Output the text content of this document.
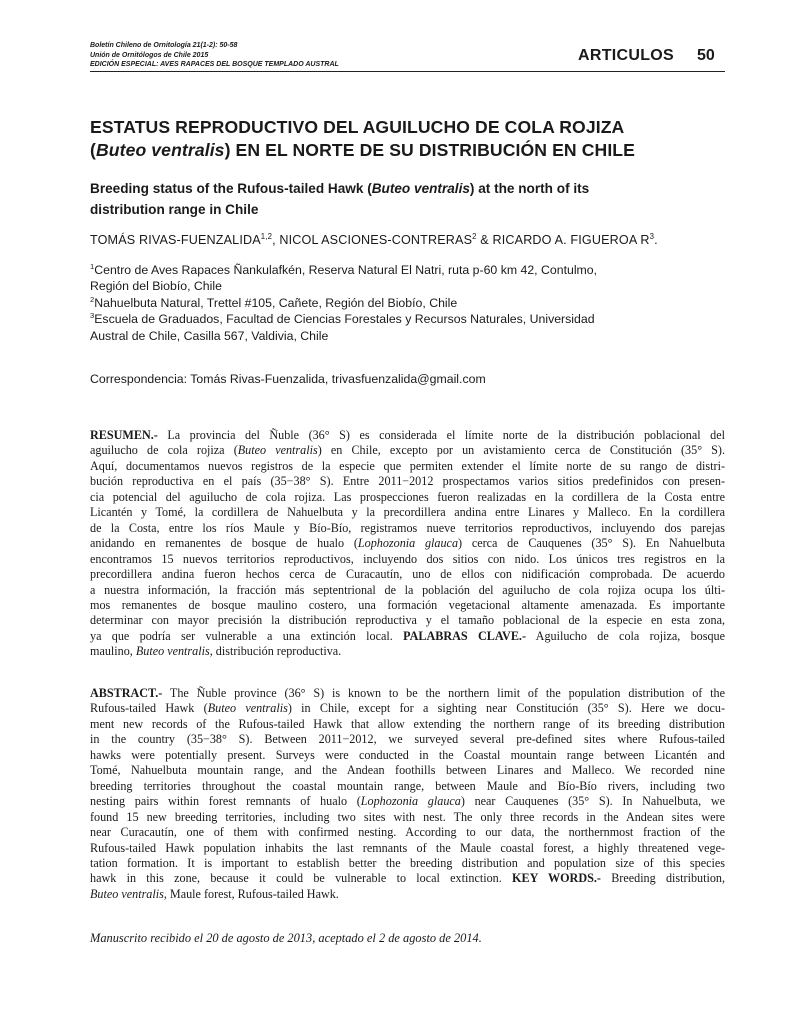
Boletín Chileno de Ornitología 21(1-2): 50-58
Unión de Ornitólogos de Chile 2015
EDICIÓN ESPECIAL: AVES RAPACES DEL BOSQUE TEMPLADO AUSTRAL
ARTICULOS 50
ESTATUS REPRODUCTIVO DEL AGUILUCHO DE COLA ROJIZA
(Buteo ventralis) EN EL NORTE DE SU DISTRIBUCIÓN EN CHILE
Breeding status of the Rufous-tailed Hawk (Buteo ventralis) at the north of its
distribution range in Chile
TOMÁS RIVAS-FUENZALIDA$^{1,2}$, NICOL ASCIONES-CONTRERAS$^2$ & RICARDO A. FIGUEROA $R^3$.
$^1$Centro de Aves Rapaces Ñankulafkén, Reserva Natural El Natri, ruta p-60 km 42, Contulmo,
Región del Biobío, Chile
$^2$Nahuelbuta Natural, Trettel #105, Cañete, Región del Biobío, Chile
$^3$Escuela de Graduados, Facultad de Ciencias Forestales y Recursos Naturales, Universidad
Austral de Chile, Casilla 567, Valdivia, Chile
Correspondencia: Tomás Rivas-Fuenzalida, trivasfuenzalida@gmail.com
RESUMEN.- La provincia del Ñuble (36° S) es considerada el límite norte de la distribución poblacional del
aguilucho de cola rojiza (Buteo ventralis) en Chile, excepto por un avistamiento cerca de Constitución (35° S).
Aquí, documentamos nuevos registros de la especie que permiten extender el límite norte de su rango de distri-
bución reproductiva en el país (35−38° S). Entre 2011−2012 prospectamos varios sitios predefinidos con presen-
cia potencial del aguilucho de cola rojiza. Las prospecciones fueron realizadas en la cordillera de la Costa entre
Licantén y Tomé, la cordillera de Nahuelbuta y la precordillera andina entre Linares y Malleco. En la cordillera
de la Costa, entre los ríos Maule y Bío-Bío, registramos nueve territorios reproductivos, incluyendo dos parejas
anidando en remanentes de bosque de hualo (Lophozonia glauca) cerca de Cauquenes (35° S). En Nahuelbuta
encontramos 15 nuevos territorios reproductivos, incluyendo dos sitios con nido. Los únicos tres registros en la
precordillera andina fueron hechos cerca de Curacautín, uno de ellos con nidificación comprobada. De acuerdo
a nuestra información, la fracción más septentrional de la población del aguilucho de cola rojiza ocupa los últi-
mos remanentes de bosque maulino costero, una formación vegetacional altamente amenazada. Es importante
determinar con mayor precisión la distribución reproductiva y el tamaño poblacional de la especie en esta zona,
ya que podría ser vulnerable a una extinción local. PALABRAS CLAVE.- Aguilucho de cola rojiza, bosque
maulino, Buteo ventralis, distribución reproductiva.
ABSTRACT.- The Ñuble province (36° S) is known to be the northern limit of the population distribution of the
Rufous-tailed Hawk (Buteo ventralis) in Chile, except for a sighting near Constitución (35° S). Here we docu-
ment new records of the Rufous-tailed Hawk that allow extending the northern range of its breeding distribution
in the country (35−38° S). Between 2011−2012, we surveyed several pre-defined sites where Rufous-tailed
hawks were potentially present. Surveys were conducted in the Coastal mountain range between Licantén and
Tomé, Nahuelbuta mountain range, and the Andean foothills between Linares and Malleco. We recorded nine
breeding territories throughout the coastal mountain range, between Maule and Bío-Bío rivers, including two
nesting pairs within forest remnants of hualo (Lophozonia glauca) near Cauquenes (35° S). In Nahuelbuta, we
found 15 new breeding territories, including two sites with nest. The only three records in the Andean sites were
near Curacautín, one of them with confirmed nesting. According to our data, the northernmost fraction of the
Rufous-tailed Hawk population inhabits the last remnants of the Maule coastal forest, a highly threatened vege-
tation formation. It is important to establish better the breeding distribution and population size of this species
hawk in this zone, because it could be vulnerable to local extinction. KEY WORDS.- Breeding distribution,
Buteo ventralis, Maule forest, Rufous-tailed Hawk.
Manuscrito recibido el 20 de agosto de 2013, aceptado el 2 de agosto de 2014.
